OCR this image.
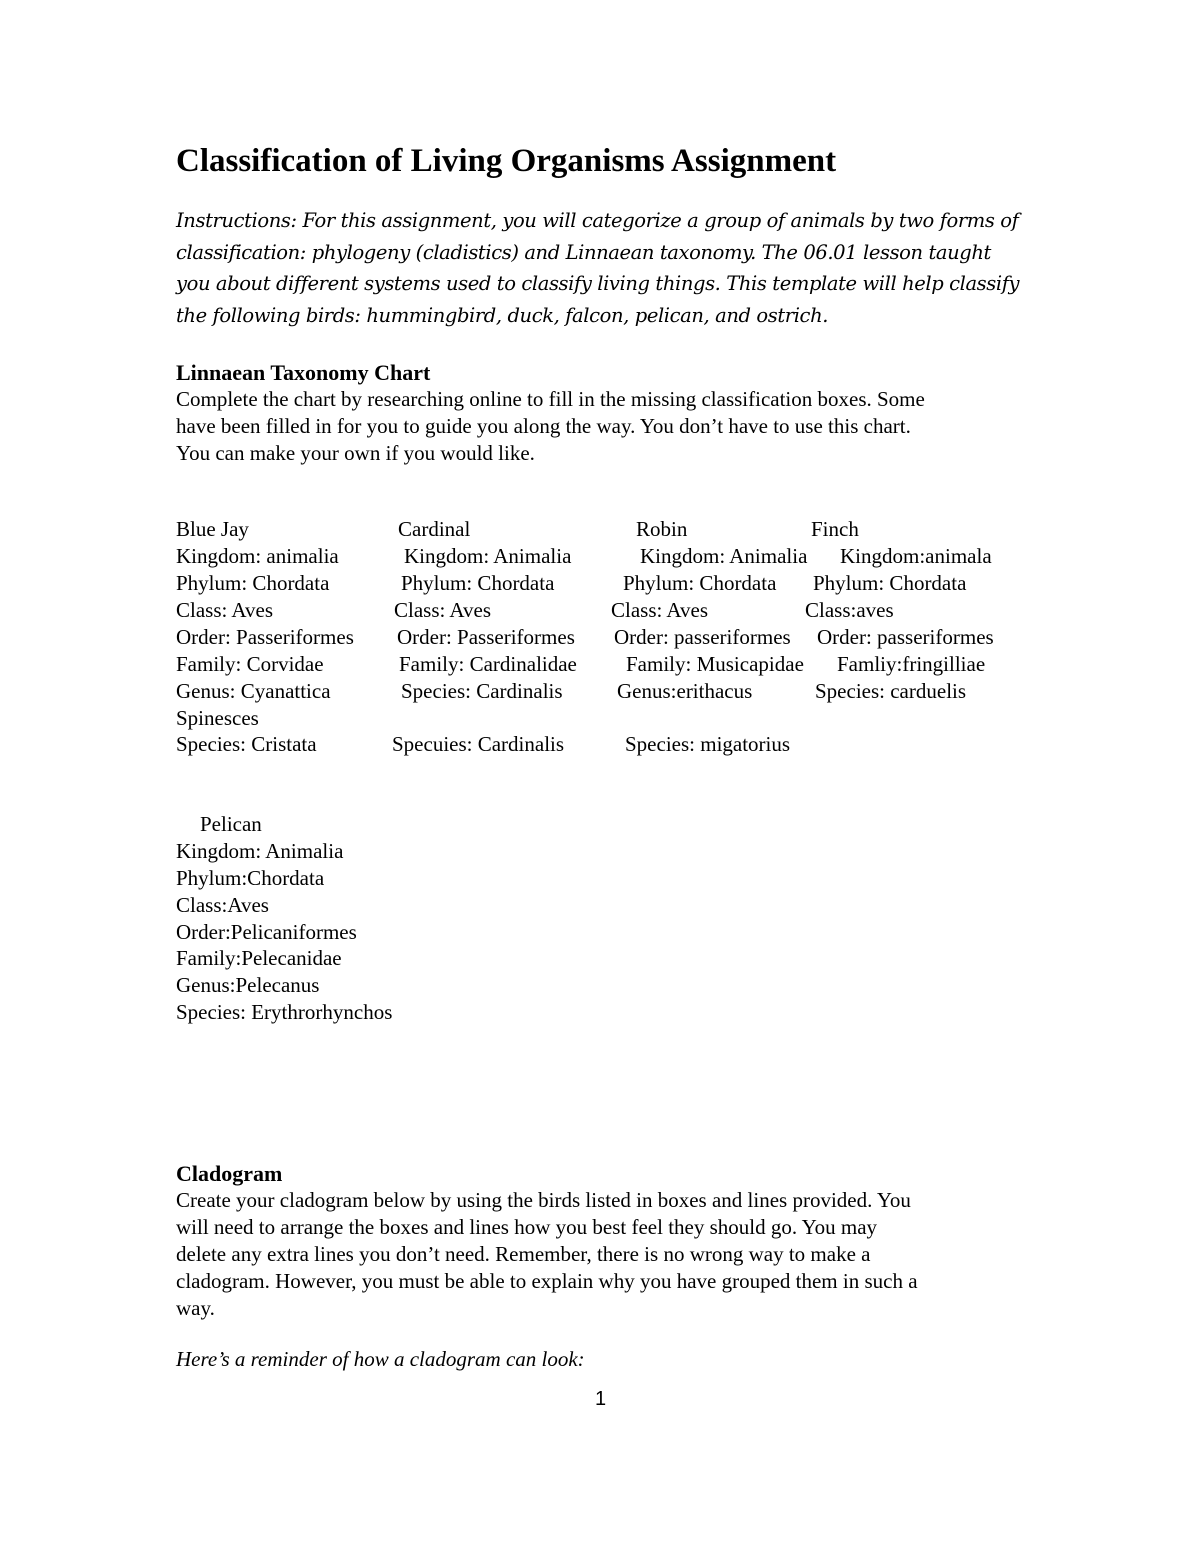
Classification of Living Organisms Assignment
Instructions: For this assignment, you will categorize a group of animals by two forms of
classification: phylogeny (cladistics) and Linnaean taxonomy. The 06.01 lesson taught
you about different systems used to classify living things. This template will help classify
the following birds: hummingbird, duck, falcon, pelican, and ostrich.
Linnaean Taxonomy Chart
Complete the chart by researching online to fill in the missing classification boxes. Some
have been filled in for you to guide you along the way. You don’t have to use this chart.
You can make your own if you would like.
Blue Jay
Kingdom: animalia
Phylum: Chordata
Class: Aves
Order: Passeriformes
Family: Corvidae
Genus: Cyanattica
Spinesces
Species: Cristata
Cardinal
Kingdom: Animalia
Phylum: Chordata
Class: Aves
Order: Passeriformes
Family: Cardinalidae
Species: Cardinalis
Specuies: Cardinalis
Robin
Kingdom: Animalia
Phylum: Chordata
Class: Aves
Order: passeriformes
Family: Musicapidae
Genus:erithacus
Species: migatorius
Finch
Kingdom:animala
Phylum: Chordata
Class:aves
Order: passeriformes
Famliy:fringilliae
Species: carduelis
Pelican
Kingdom: Animalia
Phylum:Chordata
Class:Aves
Order:Pelicaniformes
Family:Pelecanidae
Genus:Pelecanus
Species: Erythrorhynchos
Cladogram
Create your cladogram below by using the birds listed in boxes and lines provided. You
will need to arrange the boxes and lines how you best feel they should go. You may
delete any extra lines you don’t need. Remember, there is no wrong way to make a
cladogram. However, you must be able to explain why you have grouped them in such a
way.
Here’s a reminder of how a cladogram can look:
1
